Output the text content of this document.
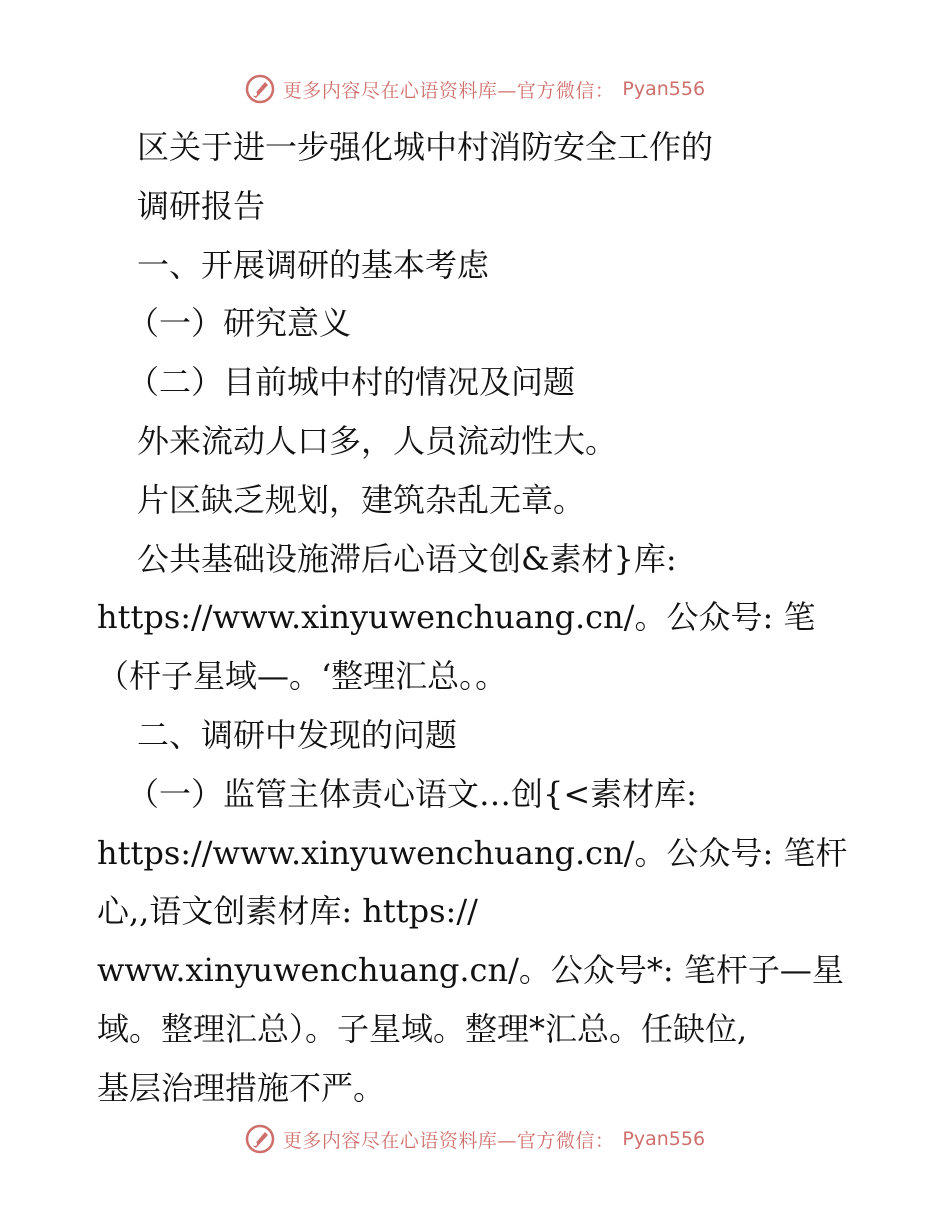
更多内容尽在心语资料库—官方微信： Pyan556
区关于进一步强化城中村消防安全工作的
调研报告
一、开展调研的基本考虑
（一）研究意义
（二）目前城中村的情况及问题
外来流动人口多，人员流动性大。
片区缺乏规划，建筑杂乱无章。
公共基础设施滞后心语文创&素材}库:
https://www.xinyuwenchuang.cn/。公众号: 笔
（杆子星域—。‘整理汇总。。
二、调研中发现的问题
（一）监管主体责心语文…创{<素材库:
https://www.xinyuwenchuang.cn/。公众号: 笔杆
心,,语文创素材库: https://
www.xinyuwenchuang.cn/。公众号*: 笔杆子—星
域。整理汇总）。子星域。整理*汇总。任缺位,
基层治理措施不严。
更多内容尽在心语资料库—官方微信： Pyan556
